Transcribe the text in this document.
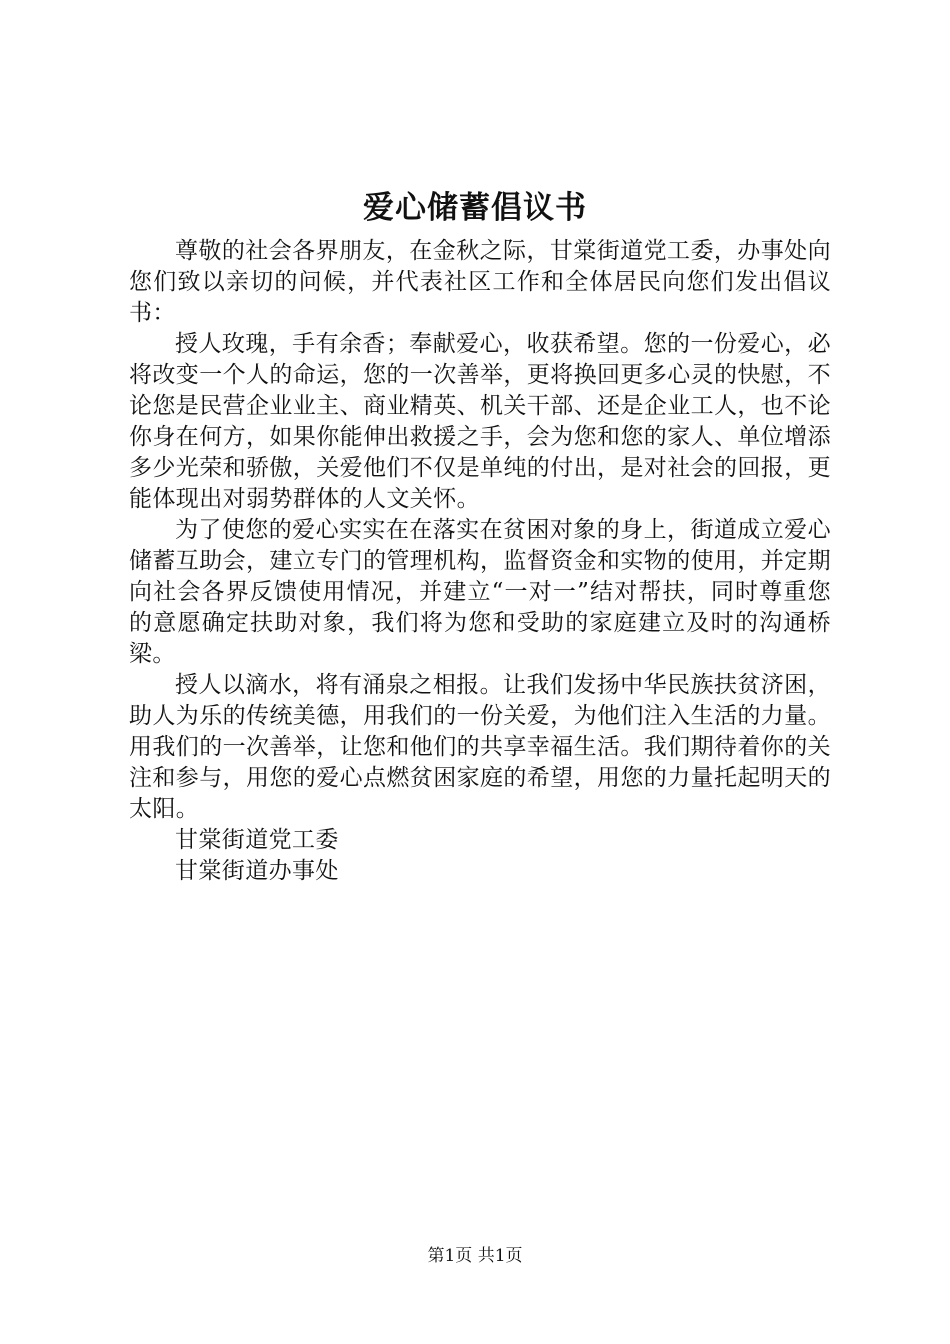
爱心储蓄倡议书

尊敬的社会各界朋友，在金秋之际，甘棠街道党工委，办事处向您们致以亲切的问候，并代表社区工作和全体居民向您们发出倡议书：

授人玫瑰，手有余香；奉献爱心，收获希望。您的一份爱心，必将改变一个人的命运，您的一次善举，更将换回更多心灵的快慰，不论您是民营企业业主、商业精英、机关干部、还是企业工人，也不论你身在何方，如果你能伸出救援之手，会为您和您的家人、单位增添多少光荣和骄傲，关爱他们不仅是单纯的付出，是对社会的回报，更能体现出对弱势群体的人文关怀。

为了使您的爱心实实在在落实在贫困对象的身上，街道成立爱心储蓄互助会，建立专门的管理机构，监督资金和实物的使用，并定期向社会各界反馈使用情况，并建立“一对一”结对帮扶，同时尊重您的意愿确定扶助对象，我们将为您和受助的家庭建立及时的沟通桥梁。

授人以滴水，将有涌泉之相报。让我们发扬中华民族扶贫济困，助人为乐的传统美德，用我们的一份关爱，为他们注入生活的力量。用我们的一次善举，让您和他们的共享幸福生活。我们期待着你的关注和参与，用您的爱心点燃贫困家庭的希望，用您的力量托起明天的太阳。

甘棠街道党工委

甘棠街道办事处

第1页 共1页
